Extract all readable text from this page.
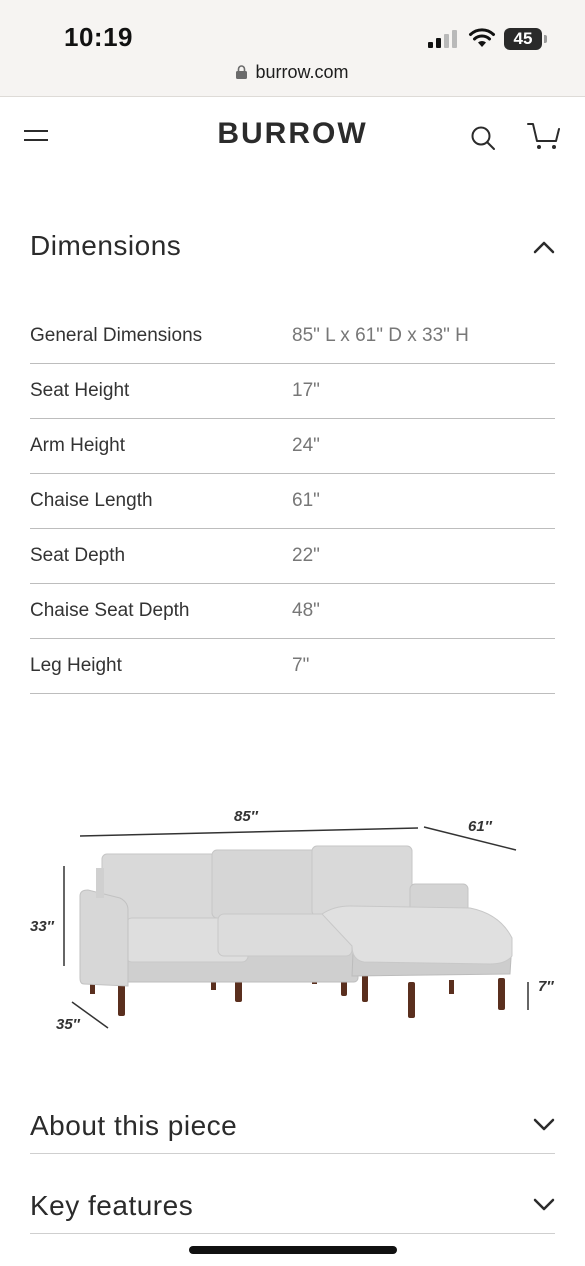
10:19	45
burrow.com
BURROW
Dimensions
General Dimensions	85" L x 61" D x 33" H
Seat Height	17"
Arm Height	24"
Chaise Length	61"
Seat Depth	22"
Chaise Seat Depth	48"
Leg Height	7"
85″
61″
33″
35″
7″
About this piece
Key features
